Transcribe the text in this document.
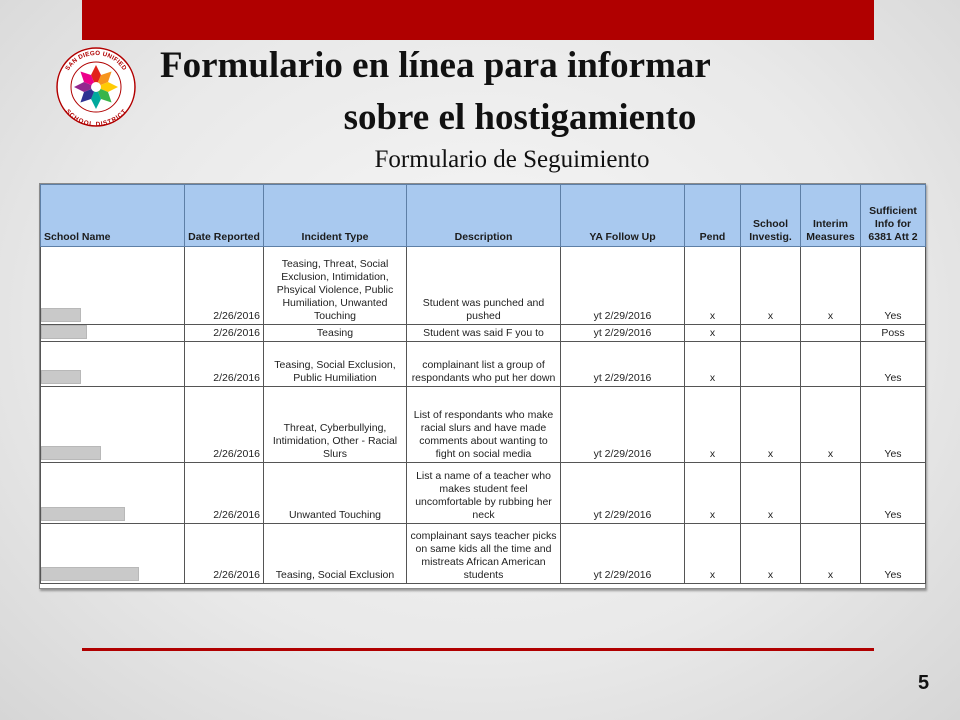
SAN DIEGO UNIFIED
SCHOOL DISTRICT
Formulario en línea para informar
sobre el hostigamiento
Formulario de Seguimiento
School Name	Date Reported	Incident Type	Description	YA Follow Up	Pend	School Investig.	Interim Measures	Sufficient Info for 6381 Att 2
	2/26/2016	Teasing, Threat, Social Exclusion, Intimidation, Phsyical Violence, Public Humiliation, Unwanted Touching	Student was punched and pushed	yt 2/29/2016	x	x	x	Yes
	2/26/2016	Teasing	Student was said F you to	yt 2/29/2016	x			Poss
	2/26/2016	Teasing, Social Exclusion, Public Humiliation	complainant list a group of respondants who put her down	yt 2/29/2016	x			Yes
	2/26/2016	Threat, Cyberbullying, Intimidation, Other - Racial Slurs	List of respondants who make racial slurs and have made comments about wanting to fight on social media	yt 2/29/2016	x	x	x	Yes
	2/26/2016	Unwanted Touching	List a name of a teacher who makes student feel uncomfortable by rubbing her neck	yt 2/29/2016	x	x		Yes
	2/26/2016	Teasing, Social Exclusion	complainant says teacher picks on same kids all the time and mistreats African American students	yt 2/29/2016	x	x	x	Yes
5
